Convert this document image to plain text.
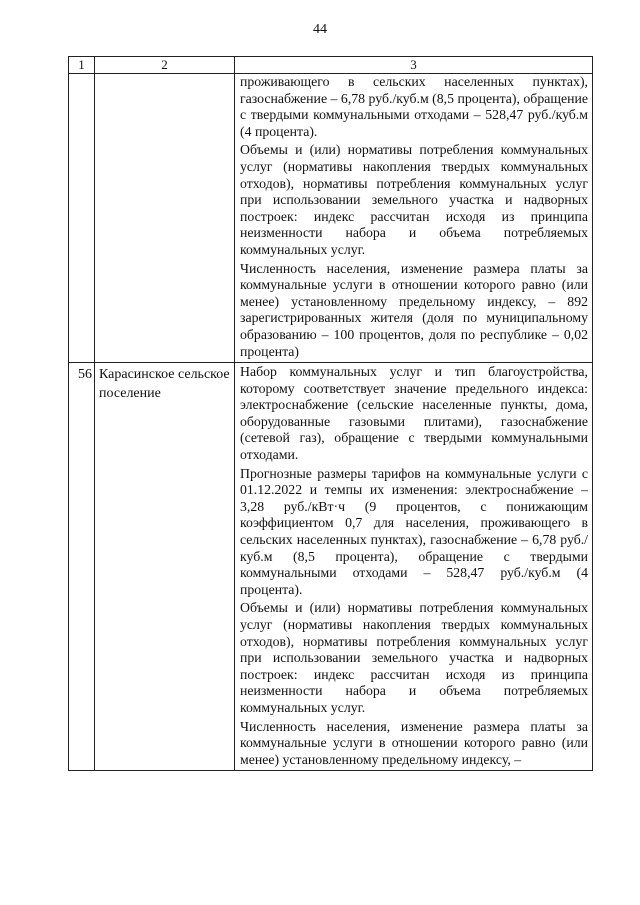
44
1	2	3

		проживающего в сельских населенных пунктах), газоснабжение – 6,78 руб./куб.м (8,5 процента), обращение с твердыми коммунальными отходами – 528,47 руб./куб.м (4 процента).

Объемы и (или) нормативы потребления коммунальных услуг (нормативы накопления твердых коммунальных отходов), нормативы потребления коммунальных услуг при использовании земельного участка и надворных построек: индекс рассчитан исходя из принципа неизменности набора и объема потребляемых коммунальных услуг.

Численность населения, изменение размера платы за коммунальные услуги в отношении которого равно (или менее) установленному предельному индексу, – 892 зарегистрированных жителя (доля по муниципальному образованию – 100 процентов, доля по республике – 0,02 процента)

56	Карасинское сельское поселение	Набор коммунальных услуг и тип благоустройства, которому соответствует значение предельного индекса: электроснабжение (сельские населенные пункты, дома, оборудованные газовыми плитами), газоснабжение (сетевой газ), обращение с твердыми коммунальными отходами.

Прогнозные размеры тарифов на коммунальные услуги с 01.12.2022 и темпы их изменения: электроснабжение – 3,28 руб./кВт·ч (9 процентов, с понижающим коэффициентом 0,7 для населения, проживающего в сельских населенных пунктах), газоснабжение – 6,78 руб./куб.м (8,5 процента), обращение с твердыми коммунальными отходами – 528,47 руб./куб.м (4 процента).

Объемы и (или) нормативы потребления коммунальных услуг (нормативы накопления твердых коммунальных отходов), нормативы потребления коммунальных услуг при использовании земельного участка и надворных построек: индекс рассчитан исходя из принципа неизменности набора и объема потребляемых коммунальных услуг.

Численность населения, изменение размера платы за коммунальные услуги в отношении которого равно (или менее) установленному предельному индексу, –
